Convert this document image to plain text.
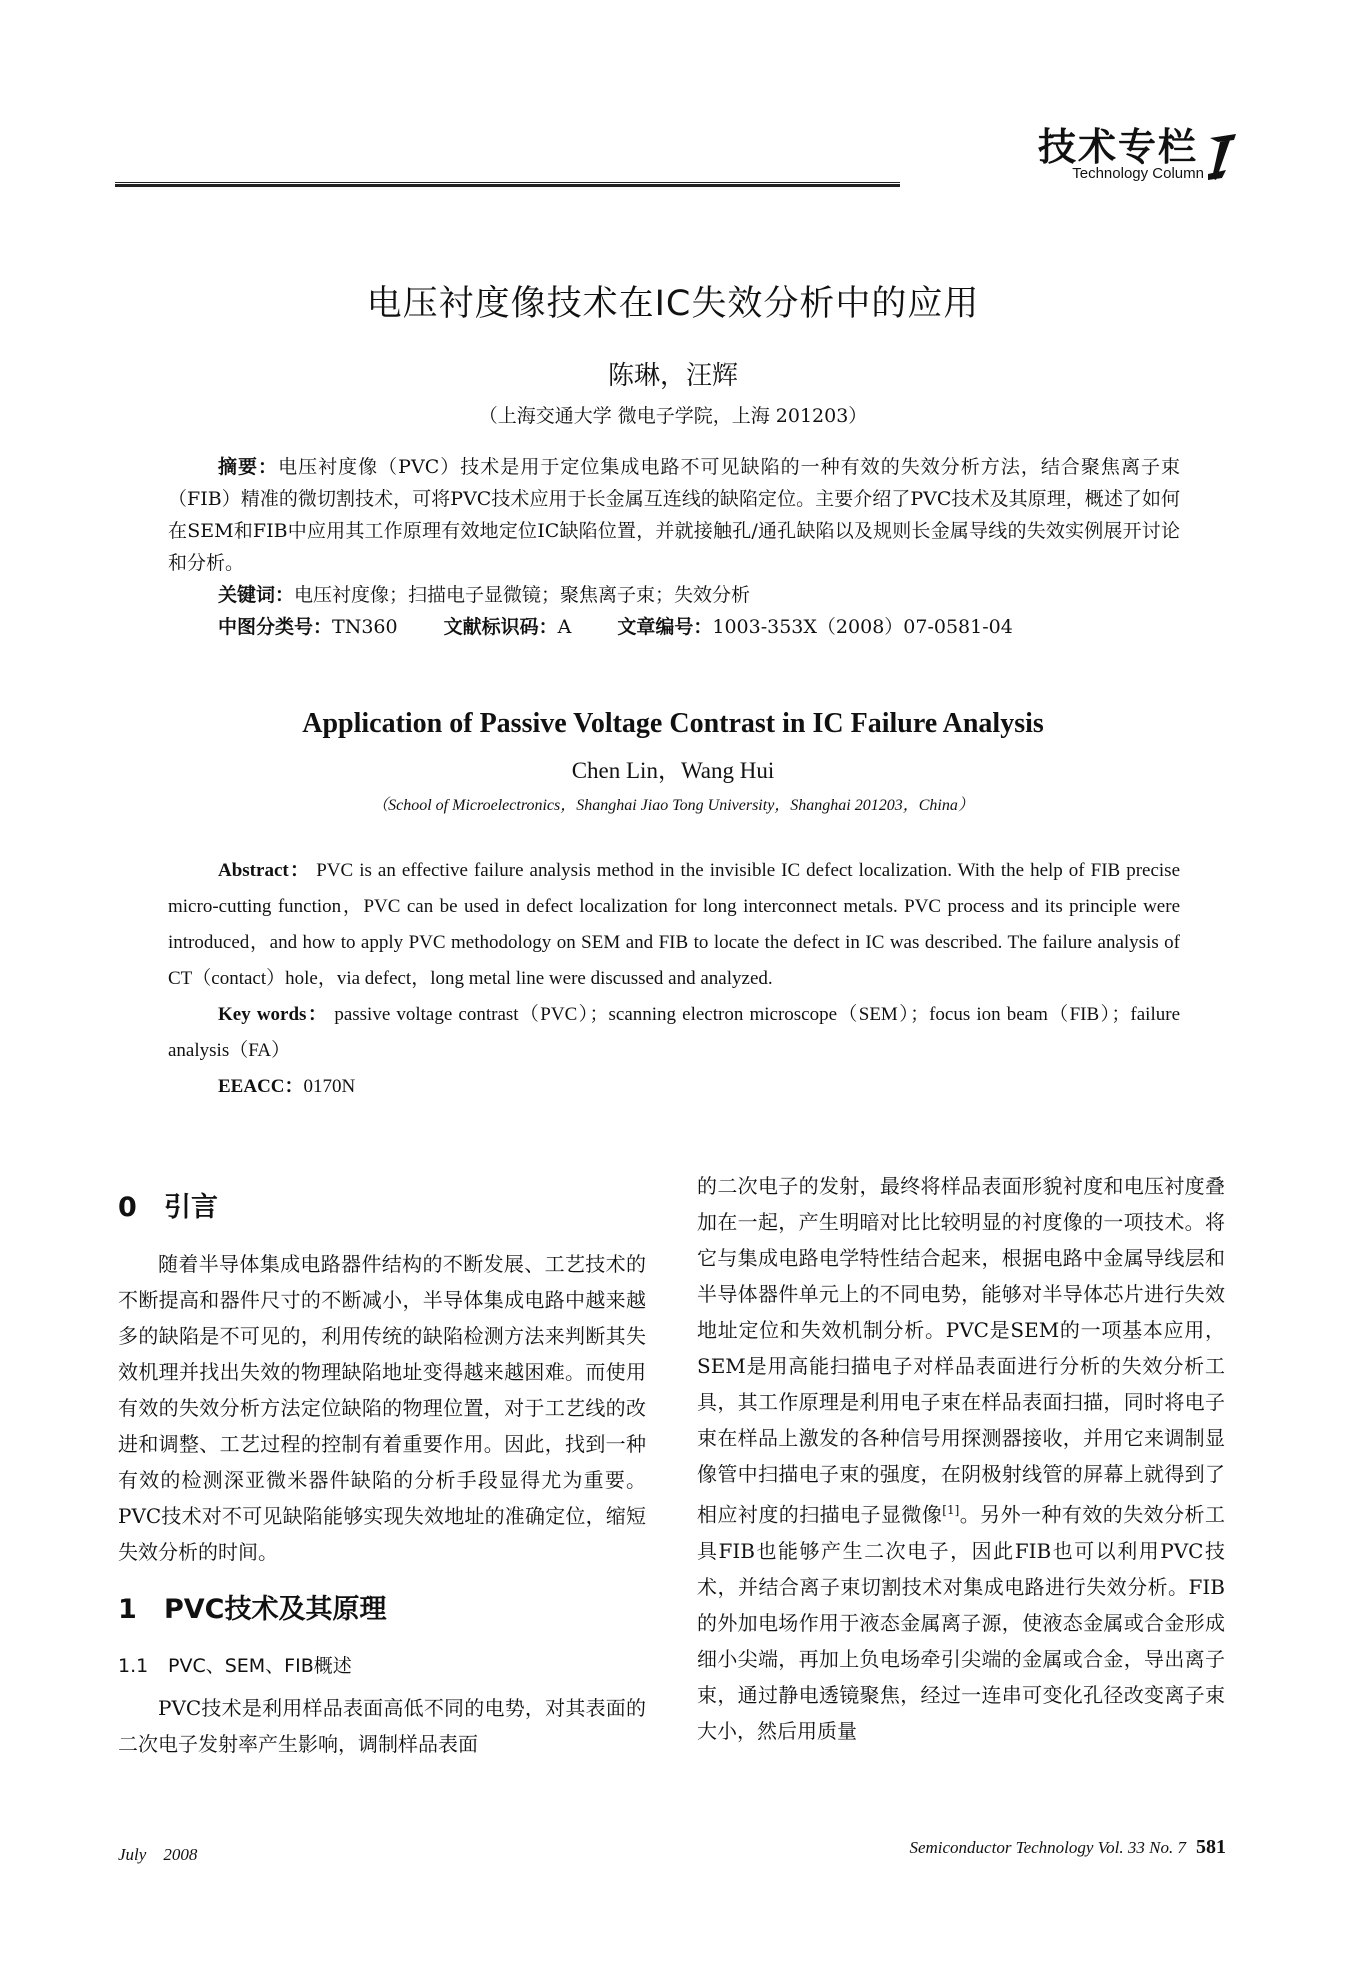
技术专栏
Technology Column
电压衬度像技术在IC失效分析中的应用
陈琳，汪辉
（上海交通大学 微电子学院，上海 201203）

摘要：电压衬度像（PVC）技术是用于定位集成电路不可见缺陷的一种有效的失效分析方法，结合聚焦离子束（FIB）精准的微切割技术，可将PVC技术应用于长金属互连线的缺陷定位。主要介绍了PVC技术及其原理，概述了如何在SEM和FIB中应用其工作原理有效地定位IC缺陷位置，并就接触孔/通孔缺陷以及规则长金属导线的失效实例展开讨论和分析。

关键词：电压衬度像；扫描电子显微镜；聚焦离子束；失效分析
中图分类号：TN360 文献标识码：A 文章编号：1003-353X（2008）07-0581-04
Application of Passive Voltage Contrast in IC Failure Analysis
Chen Lin，Wang Hui
（School of Microelectronics，Shanghai Jiao Tong University，Shanghai 201203，China）

Abstract： PVC is an effective failure analysis method in the invisible IC defect localization. With the help of FIB precise micro-cutting function，PVC can be used in defect localization for long interconnect metals. PVC process and its principle were introduced，and how to apply PVC methodology on SEM and FIB to locate the defect in IC was described. The failure analysis of CT（contact）hole，via defect，long metal line were discussed and analyzed.

Key words： passive voltage contrast（PVC）；scanning electron microscope（SEM）；focus ion beam（FIB）；failure analysis（FA）

EEACC：0170N

0 引言

随着半导体集成电路器件结构的不断发展、工艺技术的不断提高和器件尺寸的不断减小，半导体集成电路中越来越多的缺陷是不可见的，利用传统的缺陷检测方法来判断其失效机理并找出失效的物理缺陷地址变得越来越困难。而使用有效的失效分析方法定位缺陷的物理位置，对于工艺线的改进和调整、工艺过程的控制有着重要作用。因此，找到一种有效的检测深亚微米器件缺陷的分析手段显得尤为重要。PVC技术对不可见缺陷能够实现失效地址的准确定位，缩短失效分析的时间。

1 PVC技术及其原理
1.1 PVC、SEM、FIB概述

PVC技术是利用样品表面高低不同的电势，对其表面的二次电子发射率产生影响，调制样品表面

的二次电子的发射，最终将样品表面形貌衬度和电压衬度叠加在一起，产生明暗对比比较明显的衬度像的一项技术。将它与集成电路电学特性结合起来，根据电路中金属导线层和半导体器件单元上的不同电势，能够对半导体芯片进行失效地址定位和失效机制分析。PVC是SEM的一项基本应用，SEM是用高能扫描电子对样品表面进行分析的失效分析工具，其工作原理是利用电子束在样品表面扫描，同时将电子束在样品上激发的各种信号用探测器接收，并用它来调制显像管中扫描电子束的强度，在阴极射线管的屏幕上就得到了相应衬度的扫描电子显微像[1]。另外一种有效的失效分析工具FIB也能够产生二次电子，因此FIB也可以利用PVC技术，并结合离子束切割技术对集成电路进行失效分析。FIB的外加电场作用于液态金属离子源，使液态金属或合金形成细小尖端，再加上负电场牵引尖端的金属或合金，导出离子束，通过静电透镜聚焦，经过一连串可变化孔径改变离子束大小，然后用质量

July　2008	Semiconductor Technology Vol. 33 No. 7 581
